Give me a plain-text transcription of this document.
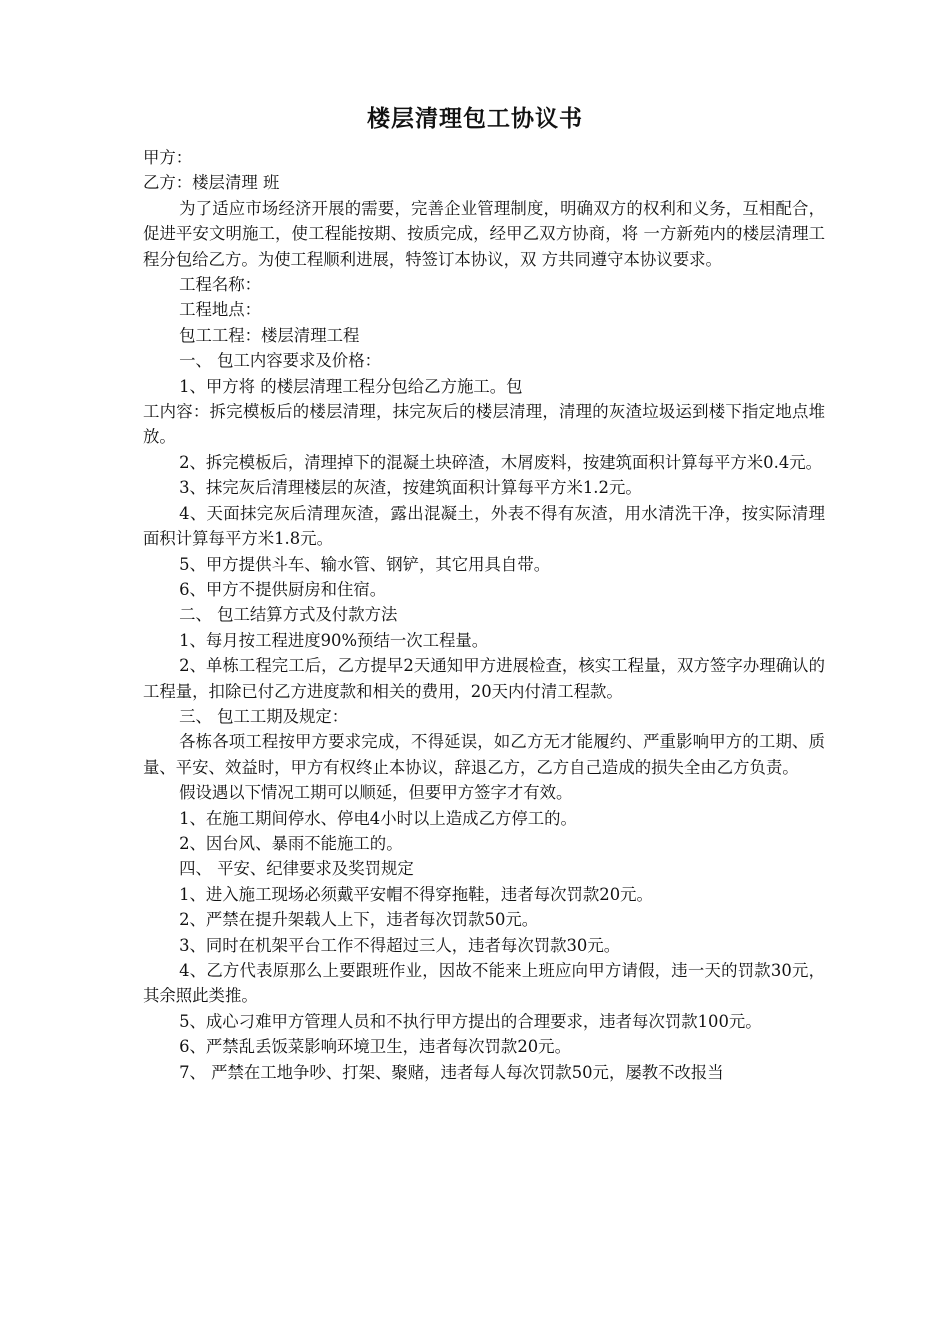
楼层清理包工协议书

甲方：

乙方：楼层清理 班

为了适应市场经济开展的需要，完善企业管理制度，明确双方的权利和义务，互相配合，促进平安文明施工，使工程能按期、按质完成，经甲乙双方协商，将 一方新苑内的楼层清理工程分包给乙方。为使工程顺利进展，特签订本协议，双 方共同遵守本协议要求。

工程名称：

工程地点：

包工工程：楼层清理工程

一、 包工内容要求及价格：

1、甲方将 的楼层清理工程分包给乙方施工。包

工内容：拆完模板后的楼层清理，抹完灰后的楼层清理，清理的灰渣垃圾运到楼下指定地点堆放。

2、拆完模板后，清理掉下的混凝土块碎渣，木屑废料，按建筑面积计算每平方米0.4元。

3、抹完灰后清理楼层的灰渣，按建筑面积计算每平方米1.2元。

4、天面抹完灰后清理灰渣，露出混凝土，外表不得有灰渣，用水清洗干净，按实际清理面积计算每平方米1.8元。

5、甲方提供斗车、输水管、钢铲，其它用具自带。

6、甲方不提供厨房和住宿。

二、 包工结算方式及付款方法

1、每月按工程进度90%预结一次工程量。

2、单栋工程完工后，乙方提早2天通知甲方进展检查，核实工程量，双方签字办理确认的工程量，扣除已付乙方进度款和相关的费用，20天内付清工程款。

三、 包工工期及规定：

各栋各项工程按甲方要求完成，不得延误，如乙方无才能履约、严重影响甲方的工期、质量、平安、效益时，甲方有权终止本协议，辞退乙方，乙方自己造成的损失全由乙方负责。

假设遇以下情况工期可以顺延，但要甲方签字才有效。

1、在施工期间停水、停电4小时以上造成乙方停工的。

2、因台风、暴雨不能施工的。

四、 平安、纪律要求及奖罚规定

1、进入施工现场必须戴平安帽不得穿拖鞋，违者每次罚款20元。

2、严禁在提升架载人上下，违者每次罚款50元。

3、同时在机架平台工作不得超过三人，违者每次罚款30元。

4、乙方代表原那么上要跟班作业，因故不能来上班应向甲方请假，违一天的罚款30元，其余照此类推。

5、成心刁难甲方管理人员和不执行甲方提出的合理要求，违者每次罚款100元。

6、严禁乱丢饭菜影响环境卫生，违者每次罚款20元。

7、 严禁在工地争吵、打架、聚赌，违者每人每次罚款50元，屡教不改报当
